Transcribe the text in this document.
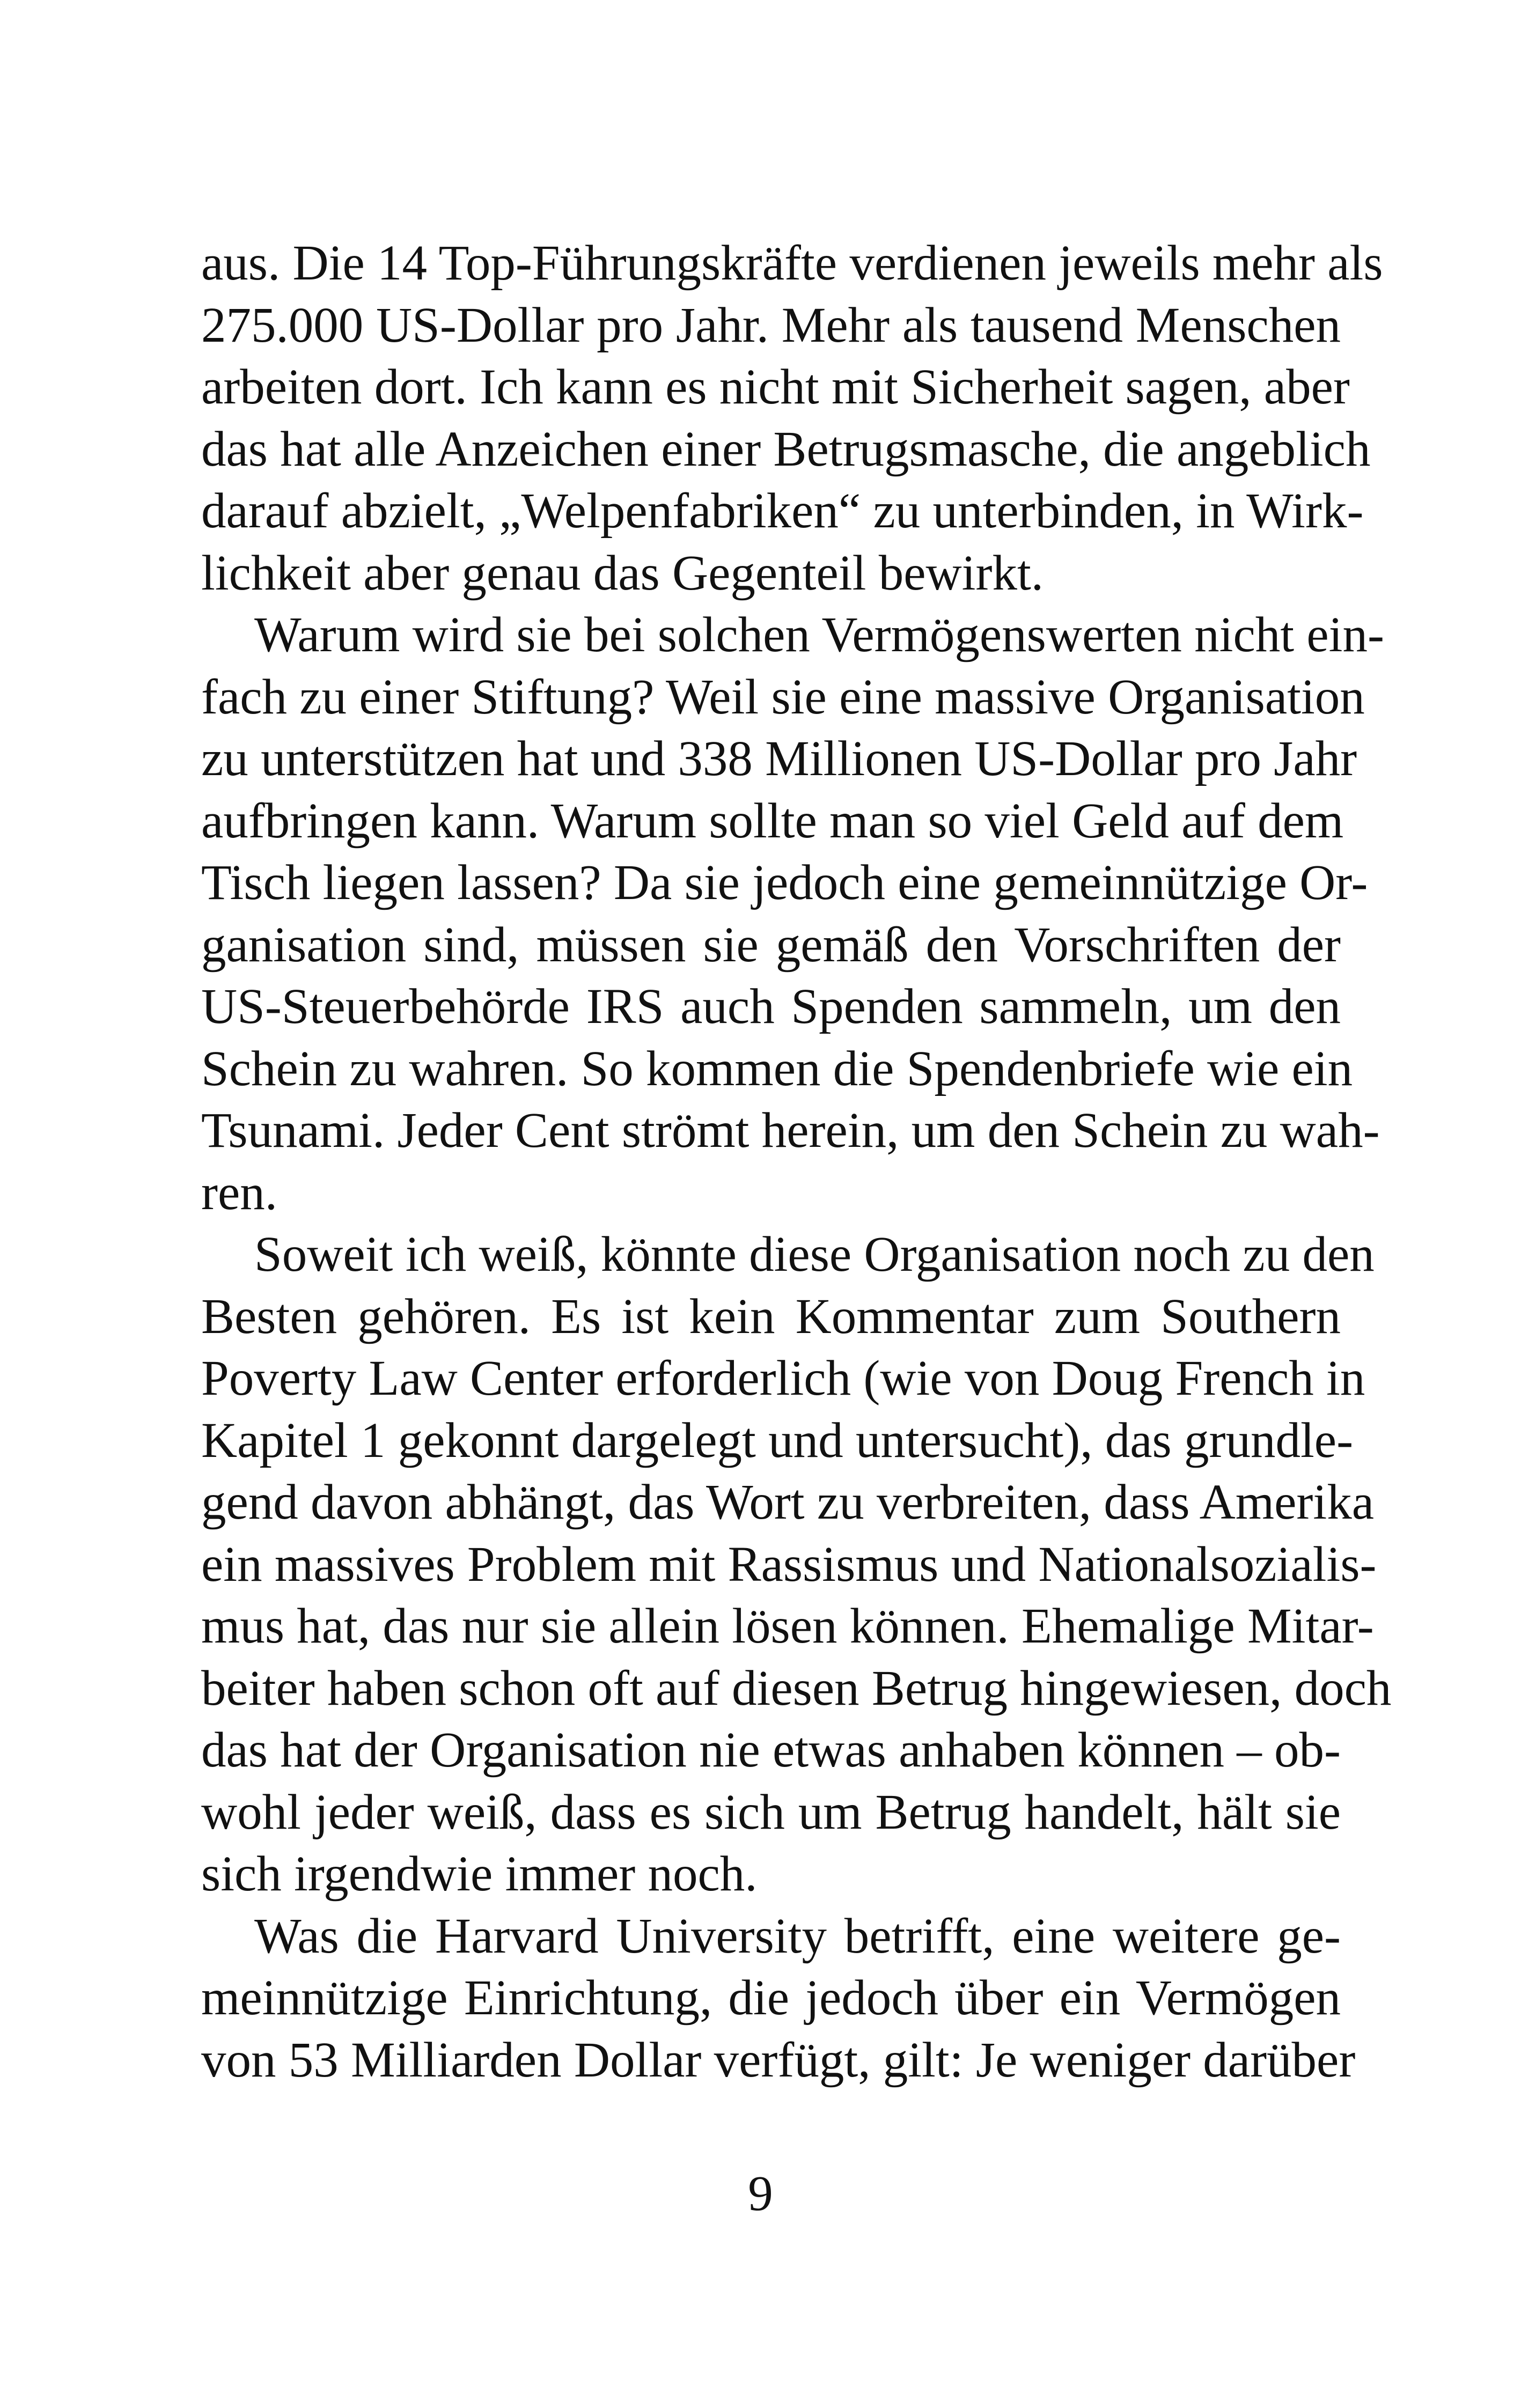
aus. Die 14 Top-Führungskräfte verdienen jeweils mehr als
275.000 US-Dollar pro Jahr. Mehr als tausend Menschen
arbeiten dort. Ich kann es nicht mit Sicherheit sagen, aber
das hat alle Anzeichen einer Betrugsmasche, die angeblich
darauf abzielt, „Welpenfabriken“ zu unterbinden, in Wirk-
lichkeit aber genau das Gegenteil bewirkt.
Warum wird sie bei solchen Vermögenswerten nicht ein-
fach zu einer Stiftung? Weil sie eine massive Organisation
zu unterstützen hat und 338 Millionen US-Dollar pro Jahr
aufbringen kann. Warum sollte man so viel Geld auf dem
Tisch liegen lassen? Da sie jedoch eine gemeinnützige Or-
ganisation sind, müssen sie gemäß den Vorschriften der
US-Steuerbehörde IRS auch Spenden sammeln, um den
Schein zu wahren. So kommen die Spendenbriefe wie ein
Tsunami. Jeder Cent strömt herein, um den Schein zu wah-
ren.
Soweit ich weiß, könnte diese Organisation noch zu den
Besten gehören. Es ist kein Kommentar zum Southern
Poverty Law Center erforderlich (wie von Doug French in
Kapitel 1 gekonnt dargelegt und untersucht), das grundle-
gend davon abhängt, das Wort zu verbreiten, dass Amerika
ein massives Problem mit Rassismus und Nationalsozialis-
mus hat, das nur sie allein lösen können. Ehemalige Mitar-
beiter haben schon oft auf diesen Betrug hingewiesen, doch
das hat der Organisation nie etwas anhaben können – ob-
wohl jeder weiß, dass es sich um Betrug handelt, hält sie
sich irgendwie immer noch.
Was die Harvard University betrifft, eine weitere ge-
meinnützige Einrichtung, die jedoch über ein Vermögen
von 53 Milliarden Dollar verfügt, gilt: Je weniger darüber
9
